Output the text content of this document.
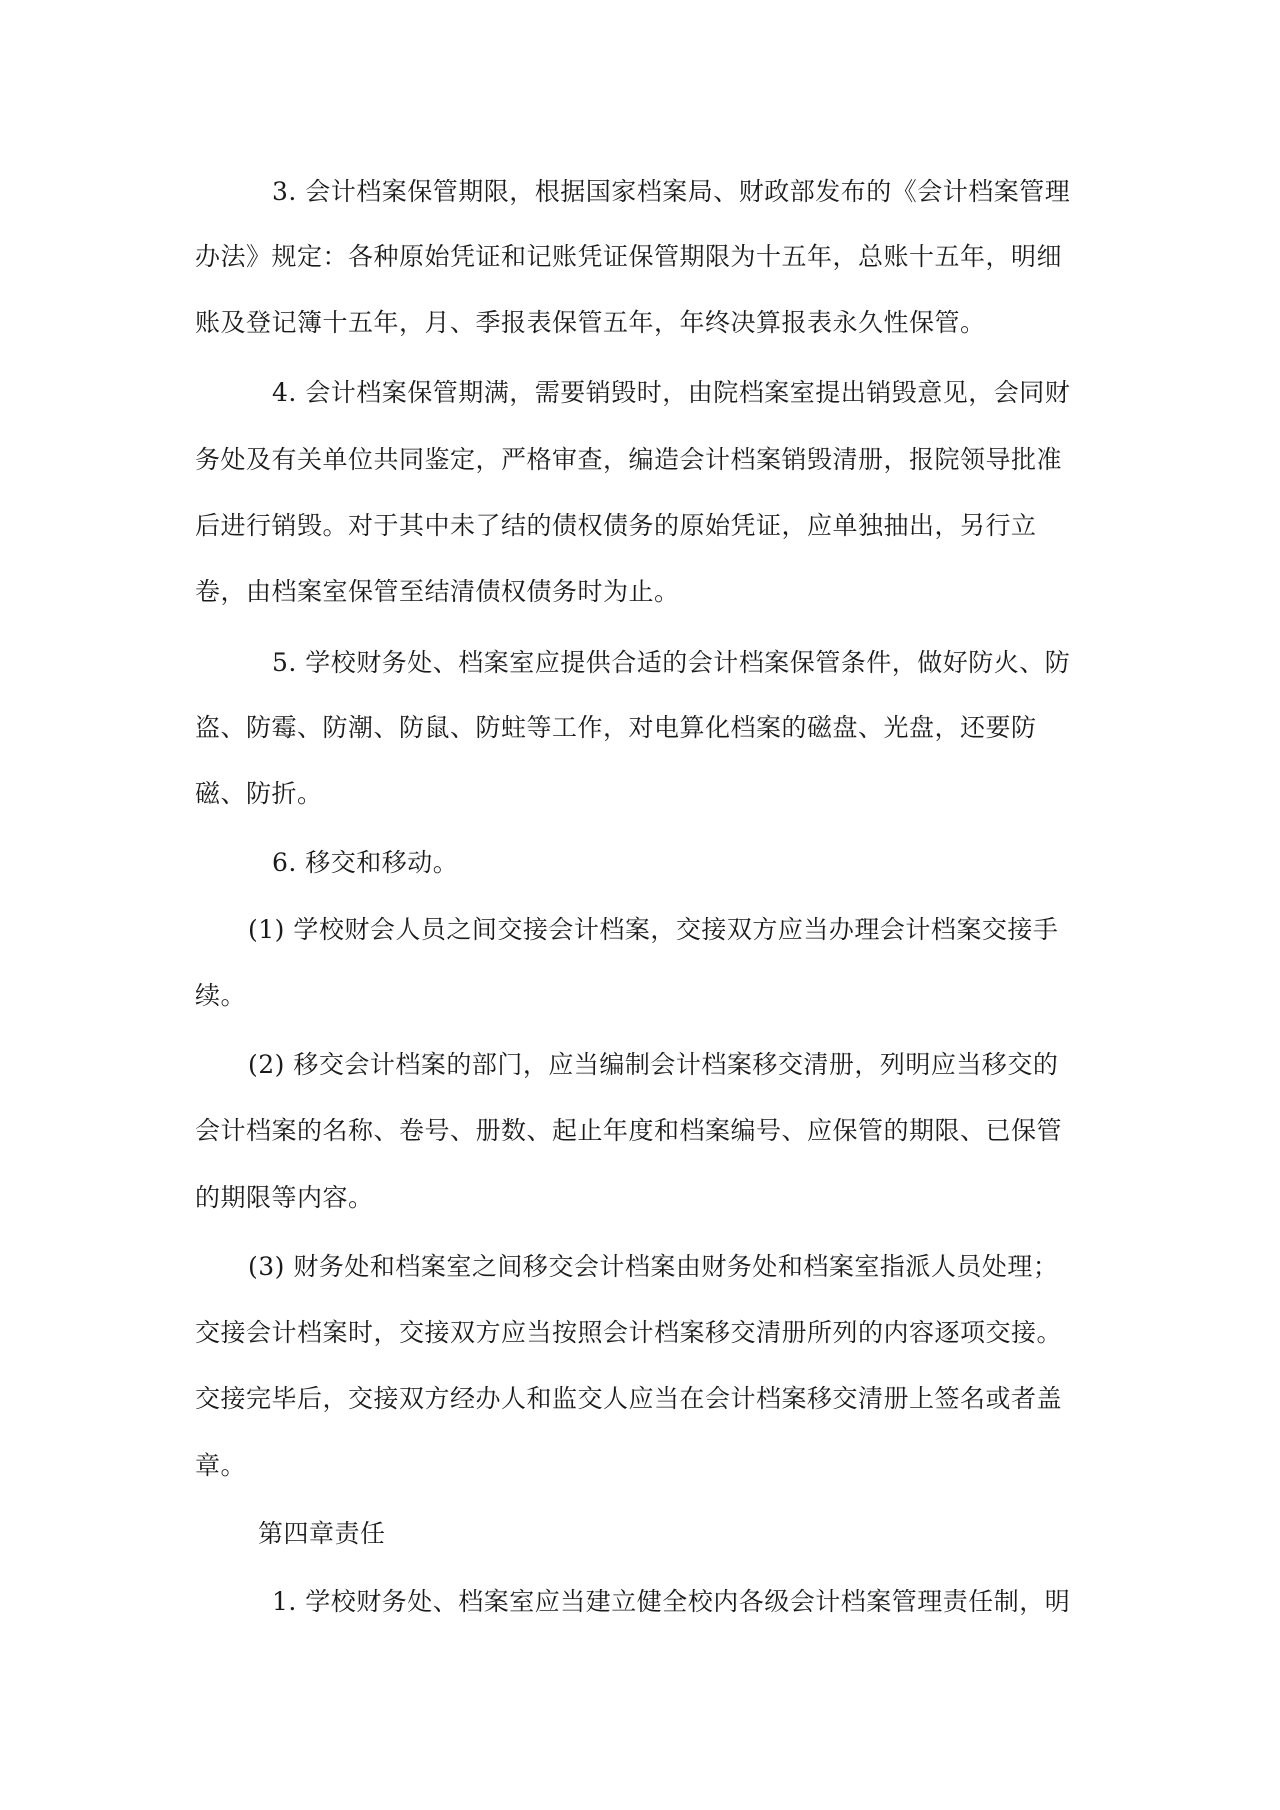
3. 会计档案保管期限，根据国家档案局、财政部发布的《会计档案管理
办法》规定：各种原始凭证和记账凭证保管期限为十五年，总账十五年，明细
账及登记簿十五年，月、季报表保管五年，年终决算报表永久性保管。
4. 会计档案保管期满，需要销毁时，由院档案室提出销毁意见，会同财
务处及有关单位共同鉴定，严格审查，编造会计档案销毁清册，报院领导批准
后进行销毁。对于其中未了结的债权债务的原始凭证，应单独抽出，另行立
卷，由档案室保管至结清债权债务时为止。
5. 学校财务处、档案室应提供合适的会计档案保管条件，做好防火、防
盗、防霉、防潮、防鼠、防蛀等工作，对电算化档案的磁盘、光盘，还要防
磁、防折。
6. 移交和移动。
(1) 学校财会人员之间交接会计档案，交接双方应当办理会计档案交接手
续。
(2) 移交会计档案的部门，应当编制会计档案移交清册，列明应当移交的
会计档案的名称、卷号、册数、起止年度和档案编号、应保管的期限、已保管
的期限等内容。
(3) 财务处和档案室之间移交会计档案由财务处和档案室指派人员处理；
交接会计档案时，交接双方应当按照会计档案移交清册所列的内容逐项交接。
交接完毕后，交接双方经办人和监交人应当在会计档案移交清册上签名或者盖
章。
第四章责任
1. 学校财务处、档案室应当建立健全校内各级会计档案管理责任制，明
